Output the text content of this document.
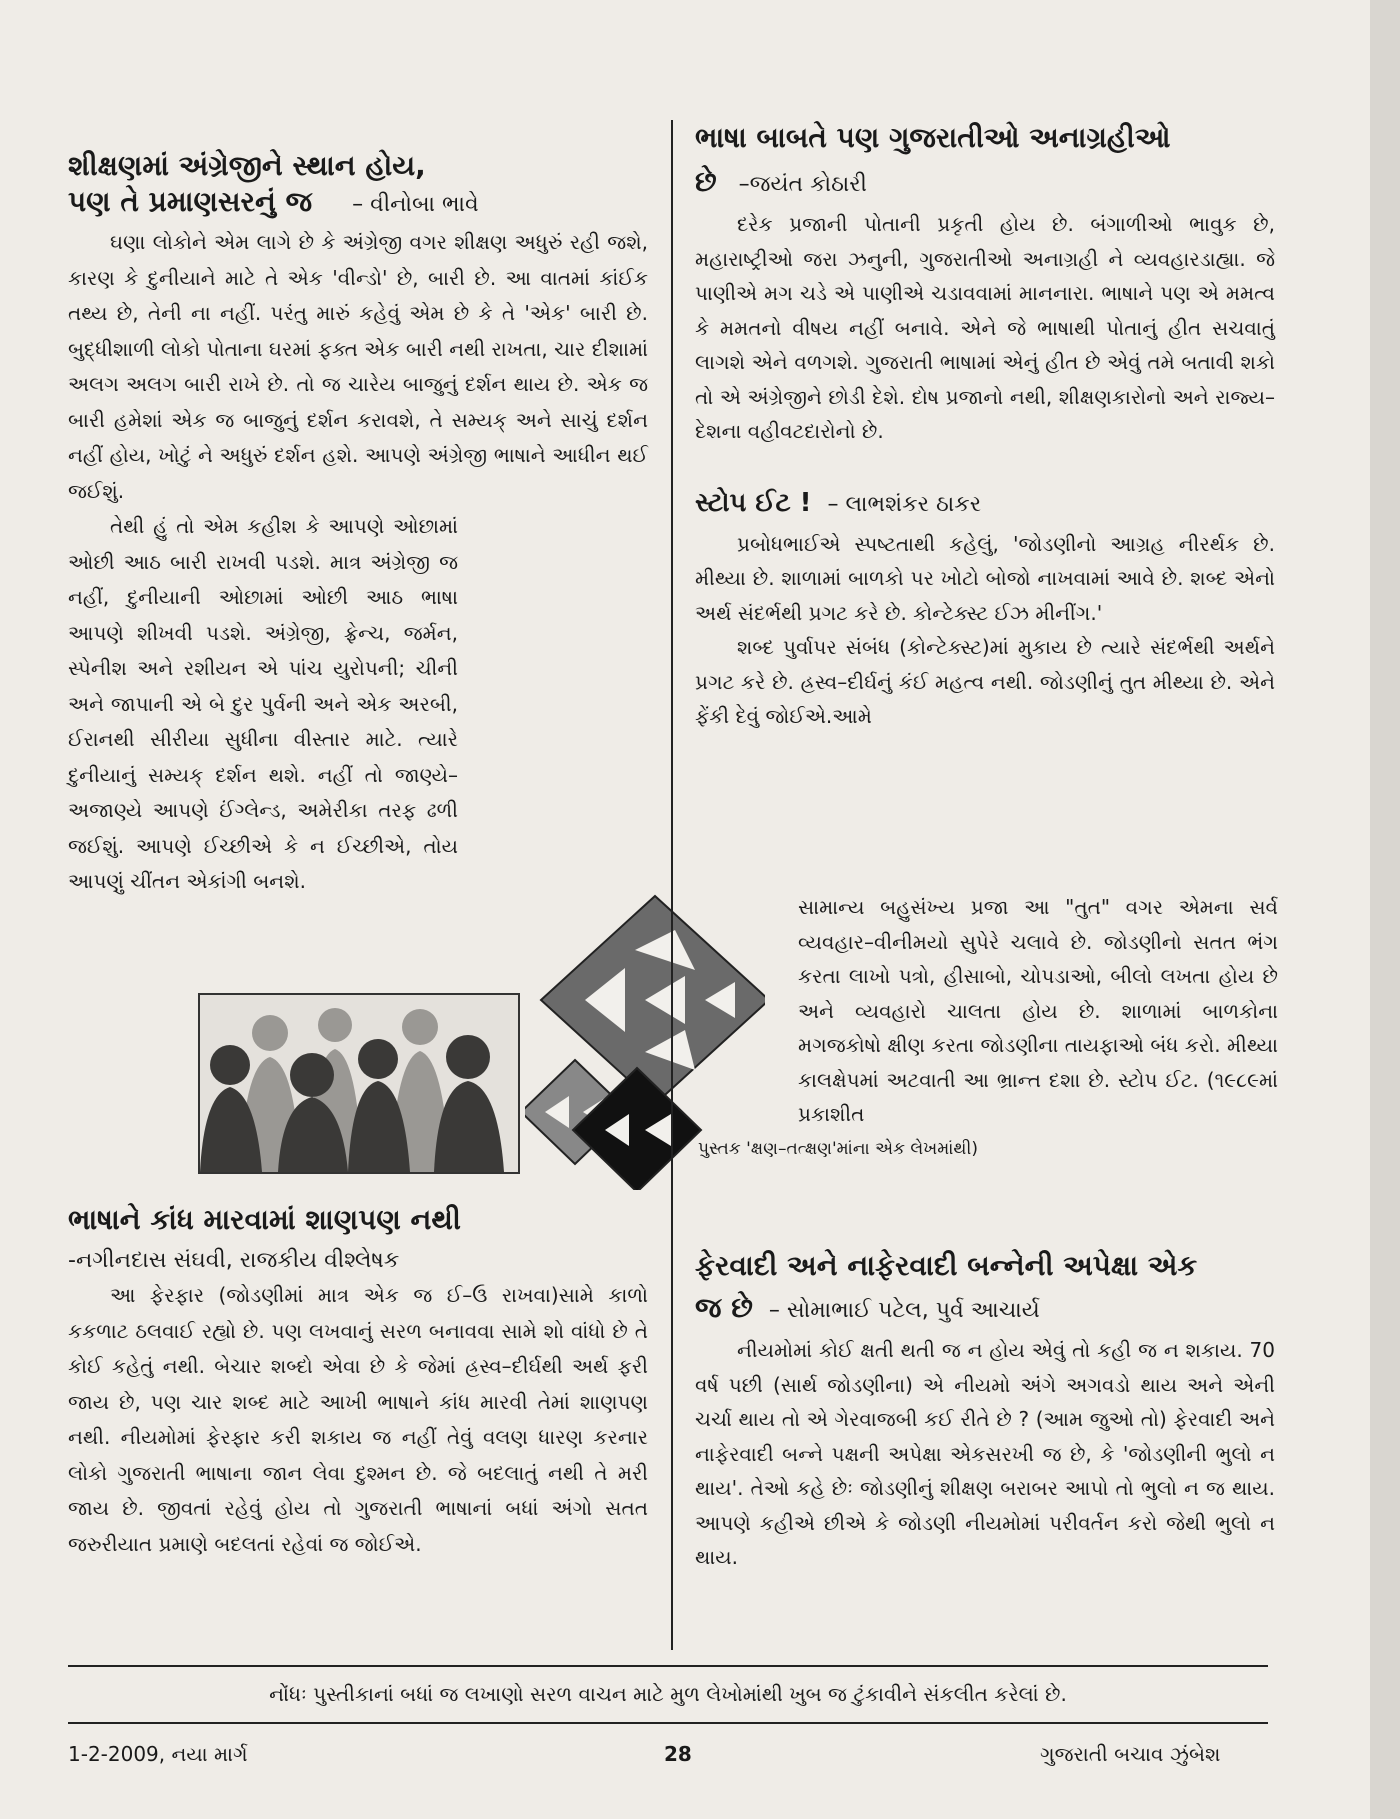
શીક્ષણમાં અંગ્રેજીને સ્થાન હોય,
પણ તે પ્રમાણસરનું જ – વીનોબા ભાવે

ઘણા લોકોને એમ લાગે છે કે અંગ્રેજી વગર શીક્ષણ અધુરું રહી જશે, કારણ કે દુનીયાને માટે તે એક 'વીન્ડો' છે, બારી છે. આ વાતમાં કાંઈક તથ્ય છે, તેની ના નહીં. પરંતુ મારું કહેવું એમ છે કે તે 'એક' બારી છે. બુદ્ધીશાળી લોકો પોતાના ઘરમાં ફક્ત એક બારી નથી રાખતા, ચાર દીશામાં અલગ અલગ બારી રાખે છે. તો જ ચારેય બાજુનું દર્શન થાય છે. એક જ બારી હમેશાં એક જ બાજુનું દર્શન કરાવશે, તે સમ્યક્ અને સાચું દર્શન નહીં હોય, ખોટું ને અધુરું દર્શન હશે. આપણે અંગ્રેજી ભાષાને આધીન થઈ જઈશું.

તેથી હું તો એમ કહીશ કે આપણે ઓછામાં ઓછી આઠ બારી રાખવી પડશે. માત્ર અંગ્રેજી જ નહીં, દુનીયાની ઓછામાં ઓછી આઠ ભાષા આપણે શીખવી પડશે. અંગ્રેજી, ફ્રેન્ચ, જર્મન, સ્પેનીશ અને રશીયન એ પાંચ યુરોપની; ચીની અને જાપાની એ બે દુર પુર્વની અને એક અરબી, ઈરાનથી સીરીયા સુધીના વીસ્તાર માટે. ત્યારે દુનીયાનું સમ્યક્ દર્શન થશે. નહીં તો જાણ્યે–અજાણ્યે આપણે ઈંગ્લેન્ડ, અમેરીકા તરફ ઢળી જઈશું. આપણે ઈચ્છીએ કે ન ઈચ્છીએ, તોય આપણું ચીંતન એકાંગી બનશે.

ભાષાને કાંધ મારવામાં શાણપણ નથી

-નગીનદાસ સંઘવી, રાજકીય વીશ્લેષક

આ ફેરફાર (જોડણીમાં માત્ર એક જ ઈ–ઉ રાખવા)સામે કાળો કકળાટ ઠલવાઈ રહ્યો છે. પણ લખવાનું સરળ બનાવવા સામે શો વાંધો છે તે કોઈ કહેતું નથી. બેચાર શબ્દો એવા છે કે જેમાં હ્રસ્વ–દીર્ઘથી અર્થ ફરી જાય છે, પણ ચાર શબ્દ માટે આખી ભાષાને કાંધ મારવી તેમાં શાણપણ નથી. નીયમોમાં ફેરફાર કરી શકાય જ નહીં તેવું વલણ ધારણ કરનાર લોકો ગુજરાતી ભાષાના જાન લેવા દુશ્મન છે. જે બદલાતું નથી તે મરી જાય છે. જીવતાં રહેવું હોય તો ગુજરાતી ભાષાનાં બધાં અંગો સતત જરુરીયાત પ્રમાણે બદલતાં રહેવાં જ જોઈએ.

ભાષા બાબતે પણ ગુજરાતીઓ અનાગ્રહીઓ
છે –જયંત કોઠારી

દરેક પ્રજાની પોતાની પ્રકૃતી હોય છે. બંગાળીઓ ભાવુક છે, મહારાષ્ટ્રીઓ જરા ઝનુની, ગુજરાતીઓ અનાગ્રહી ને વ્યવહારડાહ્યા. જે પાણીએ મગ ચડે એ પાણીએ ચડાવવામાં માનનારા. ભાષાને પણ એ મમત્વ કે મમતનો વીષય નહીં બનાવે. એને જે ભાષાથી પોતાનું હીત સચવાતું લાગશે એને વળગશે. ગુજરાતી ભાષામાં એનું હીત છે એવું તમે બતાવી શકો તો એ અંગ્રેજીને છોડી દેશે. દોષ પ્રજાનો નથી, શીક્ષણકારોનો અને રાજ્ય–દેશના વહીવટદારોનો છે.

સ્ટોપ ઈટ ! – લાભશંકર ઠાકર

પ્રબોધભાઈએ સ્પષ્ટતાથી કહેલું, 'જોડણીનો આગ્રહ નીરર્થક છે. મીથ્યા છે. શાળામાં બાળકો પર ખોટો બોજો નાખવામાં આવે છે. શબ્દ એનો અર્થ સંદર્ભથી પ્રગટ કરે છે. કોન્ટેક્સ્ટ ઈઝ મીનીંગ.'

શબ્દ પુર્વાપર સંબંધ (કોન્ટેક્સ્ટ)માં મુકાય છે ત્યારે સંદર્ભથી અર્થને પ્રગટ કરે છે. હ્રસ્વ–દીર્ઘનું કંઈ મહત્વ નથી. જોડણીનું તુત મીથ્યા છે. એને ફેંકી દેવું જોઈએ.આમે

સામાન્ય બહુસંખ્ય પ્રજા આ "તુત" વગર એમના સર્વ વ્યવહાર–વીનીમયો સુપેરે ચલાવે છે. જોડણીનો સતત ભંગ કરતા લાખો પત્રો, હીસાબો, ચોપડાઓ, બીલો લખતા હોય છે અને વ્યવહારો ચાલતા હોય છે. શાળામાં બાળકોના મગજકોષો ક્ષીણ કરતા જોડણીના તાયફાઓ બંધ કરો. મીથ્યા કાલક્ષેપમાં અટવાતી આ ભ્રાન્ત દશા છે. સ્ટોપ ઈટ. (૧૯૮૯માં પ્રકાશીત

પુસ્તક 'ક્ષણ–તત્ક્ષણ'માંના એક લેખમાંથી)

ફેરવાદી અને નાફેરવાદી બન્નેની અપેક્ષા એક
જ છે – સોમાભાઈ પટેલ, પુર્વ આચાર્ય

નીયમોમાં કોઈ ક્ષતી થતી જ ન હોય એવું તો કહી જ ન શકાય. 70 વર્ષ પછી (સાર્થ જોડણીના) એ નીયમો અંગે અગવડો થાય અને એની ચર્ચા થાય તો એ ગેરવાજબી કઈ રીતે છે ? (આમ જુઓ તો) ફેરવાદી અને નાફેરવાદી બન્ને પક્ષની અપેક્ષા એકસરખી જ છે, કે 'જોડણીની ભુલો ન થાય'. તેઓ કહે છેઃ જોડણીનું શીક્ષણ બરાબર આપો તો ભુલો ન જ થાય. આપણે કહીએ છીએ કે જોડણી નીયમોમાં પરીવર્તન કરો જેથી ભુલો ન થાય.

નોંધઃ પુસ્તીકાનાં બધાં જ લખાણો સરળ વાચન માટે મુળ લેખોમાંથી ખુબ જ ટુંકાવીને સંકલીત કરેલાં છે.
1-2-2009, નયા માર્ગ	28	ગુજરાતી બચાવ ઝુંબેશ
